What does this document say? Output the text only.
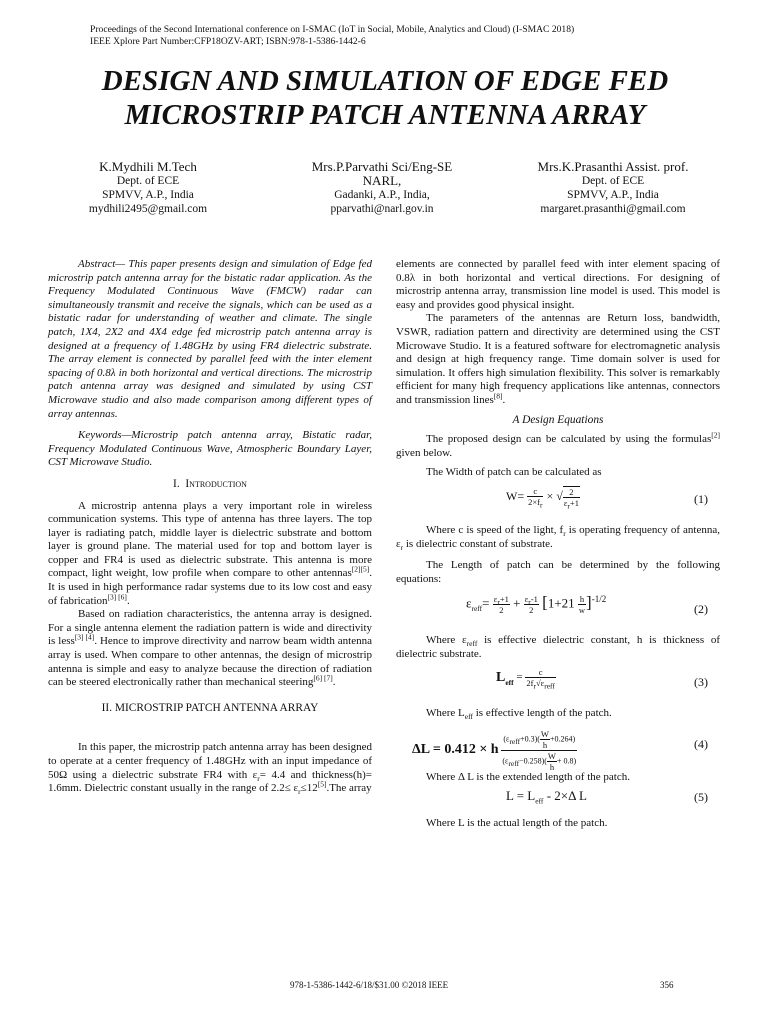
Proceedings of the Second International conference on I-SMAC (IoT in Social, Mobile, Analytics and Cloud) (I-SMAC 2018)
IEEE Xplore Part Number:CFP18OZV-ART; ISBN:978-1-5386-1442-6
DESIGN AND SIMULATION OF EDGE FED
MICROSTRIP PATCH ANTENNA ARRAY
K.Mydhili M.Tech
Dept. of ECE
SPMVV, A.P., India
mydhili2495@gmail.com
Mrs.P.Parvathi Sci/Eng-SE
NARL,
Gadanki, A.P., India,
pparvathi@narl.gov.in
Mrs.K.Prasanthi Assist. prof.
Dept. of ECE
SPMVV, A.P., India
margaret.prasanthi@gmail.com

Abstract— This paper presents design and simulation of Edge fed microstrip patch antenna array for the bistatic radar application. As the Frequency Modulated Continuous Wave (FMCW) radar can simultaneously transmit and receive the signals, which can be used as a bistatic radar for understanding of weather and climate. The single patch, 1X4, 2X2 and 4X4 edge fed microstrip patch antenna array is designed at a frequency of 1.48GHz by using FR4 dielectric substrate. The array element is connected by parallel feed with the inter element spacing of 0.8λ in both horizontal and vertical directions. The microstrip patch antenna array was designed and simulated by using CST Microwave studio and also made comparison among different types of array antennas.

Keywords—Microstrip patch antenna array, Bistatic radar, Frequency Modulated Continuous Wave, Atmospheric Boundary Layer, CST Microwave Studio.

I. Introduction

A microstrip antenna plays a very important role in wireless communication systems. This type of antenna has three layers. The top layer is radiating patch, middle layer is dielectric substrate and bottom layer is ground plane. The material used for top and bottom layer is copper and FR4 is used as dielectric substrate. This antenna is more compact, light weight, low profile when compare to other antennas[2][5]. It is used in high performance radar systems due to its low cost and easy of fabrication[3] [6].

Based on radiation characteristics, the antenna array is designed. For a single antenna element the radiation pattern is wide and directivity is less[3] [4]. Hence to improve directivity and narrow beam width antenna array is used. When compare to other antennas, the design of microstrip antenna is simple and easy to analyze because the direction of radiation can be steered electronically rather than mechanical steering[6] [7].

II. MICROSTRIP PATCH ANTENNA ARRAY

In this paper, the microstrip patch antenna array has been designed to operate at a center frequency of 1.48GHz with an input impedance of 50Ω using a dielectric substrate FR4 with $\varepsilon_r= 4.4$ and thickness(h)= 1.6mm. Dielectric constant usually in the range of $2.2\le \varepsilon_r\le 12[5].The$ array

elements are connected by parallel feed with inter element spacing of 0.8λ in both horizontal and vertical directions. For designing of microstrip antenna array, transmission line model is used. This model is easy and provides good physical insight.

The parameters of the antennas are Return loss, bandwidth, VSWR, radiation pattern and directivity are determined using the CST Microwave Studio. It is a featured software for electromagnetic analysis and design at high frequency range. Time domain solver is used for simulation. It offers high simulation flexibility. This solver is remarkably efficient for many high frequency applications like antennas, connectors and transmission lines[8].

A Design Equations

The proposed design can be calculated by using the formulas[2] given below.

The Width of patch can be calculated as

$W= \frac{c}{2\times f_r}$ × √ $\frac{2}{\varepsilon_r+1}$	(1)

Where c is speed of the light, $f_r$ is operating frequency of antenna, $\varepsilon_r$ is dielectric constant of substrate.

The Length of patch can be determined by the following equations:

$\varepsilon_{reff}= \frac{\varepsilon_r+1}{2} + \frac{\varepsilon_r-1}{2} [1+21 \frac{h}{w} ]^{-1/2}$
(2)

Where $\varepsilon_{reff}$ is effective dielectric constant, h is thickness of dielectric substrate.

$L_{eff} = \frac{c}{2f_r√\varepsilon_{reff}}$	(3)

Where $L_{eff}$ is effective length of the patch.

ΔL = 0.412 × h $\frac{(\varepsilon_{reff}+0.3)( \frac{W}{h} +0.264)}{(\varepsilon_{reff}-0.258)( \frac{W}{h} + 0.8)}$	(4)

Where Δ L is the extended length of the patch.

$L = L_{eff} - 2\times\Delta$ L	(5)

Where L is the actual length of the patch.

978-1-5386-1442-6/18/$31.00 ©2018 IEEE	356
